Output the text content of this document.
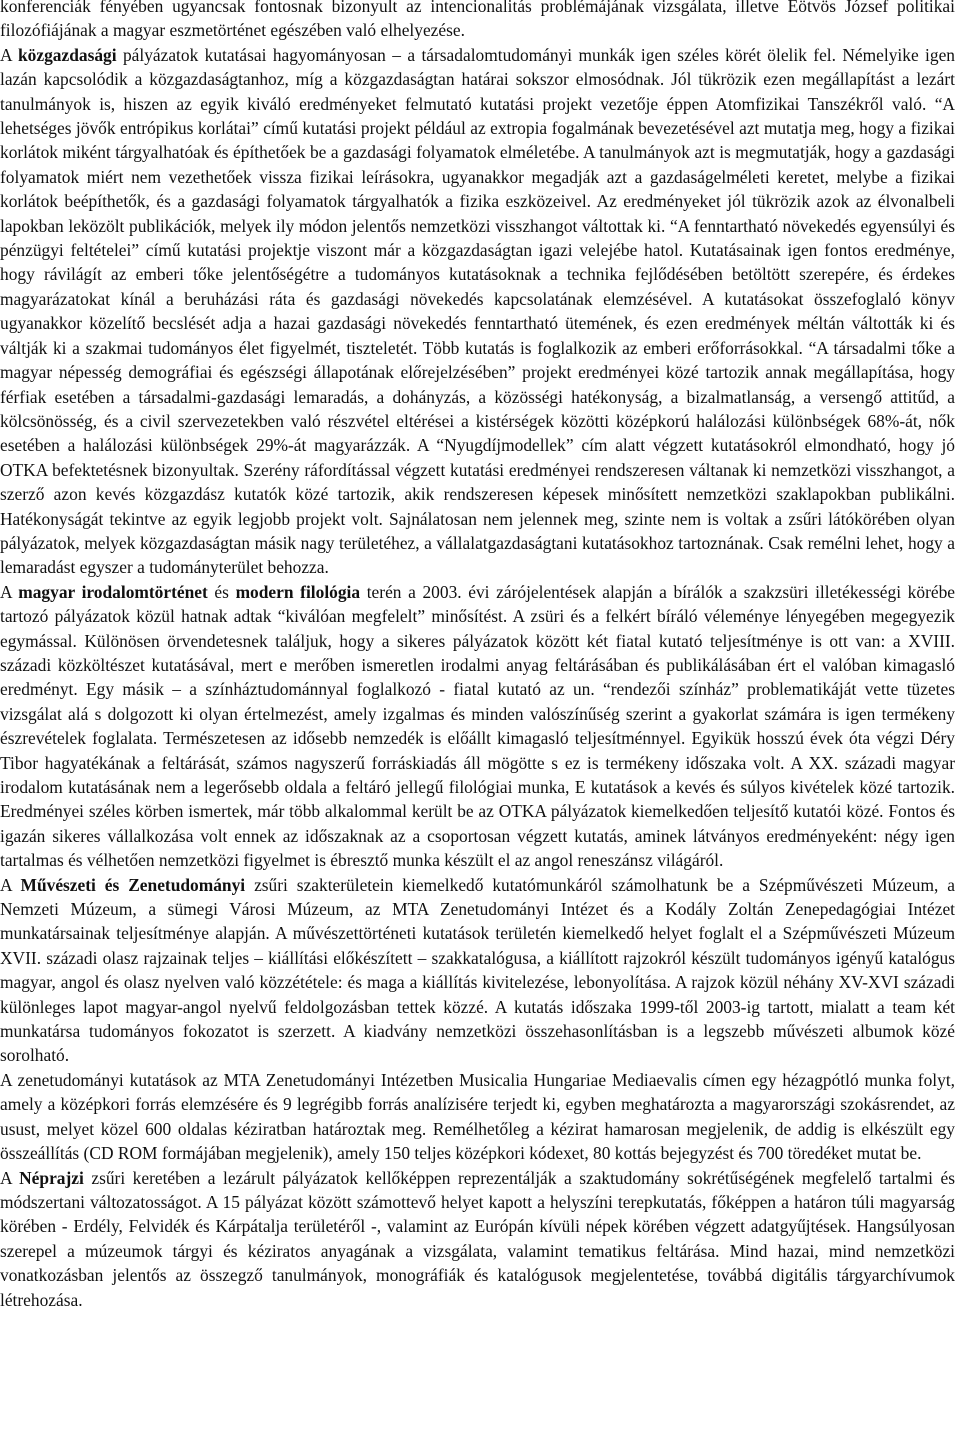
konferenciák fényében ugyancsak fontosnak bizonyult az intencionalitás problémájának vizsgálata, illetve Eötvös József politikai filozófiájának a magyar eszmetörténet egészében való elhelyezése.

A közgazdasági pályázatok kutatásai hagyományosan – a társadalomtudományi munkák igen széles körét ölelik fel. Némelyike igen lazán kapcsolódik a közgazdaságtanhoz, míg a közgazdaságtan határai sokszor elmosódnak. Jól tükrözik ezen megállapítást a lezárt tanulmányok is, hiszen az egyik kiváló eredményeket felmutató kutatási projekt vezetője éppen Atomfizikai Tanszékről való. “A lehetséges jövők entrópikus korlátai” című kutatási projekt például az extropia fogalmának bevezetésével azt mutatja meg, hogy a fizikai korlátok miként tárgyalhatóak és építhetőek be a gazdasági folyamatok elméletébe. A tanulmányok azt is megmutatják, hogy a gazdasági folyamatok miért nem vezethetőek vissza fizikai leírásokra, ugyanakkor megadják azt a gazdaságelméleti keretet, melybe a fizikai korlátok beépíthetők, és a gazdasági folyamatok tárgyalhatók a fizika eszközeivel. Az eredményeket jól tükrözik azok az élvonalbeli lapokban leközölt publikációk, melyek ily módon jelentős nemzetközi visszhangot váltottak ki. “A fenntartható növekedés egyensúlyi és pénzügyi feltételei” című kutatási projektje viszont már a közgazdaságtan igazi velejébe hatol. Kutatásainak igen fontos eredménye, hogy rávilágít az emberi tőke jelentőségétre a tudományos kutatásoknak a technika fejlődésében betöltött szerepére, és érdekes magyarázatokat kínál a beruházási ráta és gazdasági növekedés kapcsolatának elemzésével. A kutatásokat összefoglaló könyv ugyanakkor közelítő becslését adja a hazai gazdasági növekedés fenntartható ütemének, és ezen eredmények méltán váltották ki és váltják ki a szakmai tudományos élet figyelmét, tiszteletét. Több kutatás is foglalkozik az emberi erőforrásokkal. “A társadalmi tőke a magyar népesség demográfiai és egészségi állapotának előrejelzésében” projekt eredményei közé tartozik annak megállapítása, hogy férfiak esetében a társadalmi-gazdasági lemaradás, a dohányzás, a közösségi hatékonyság, a bizalmatlanság, a versengő attitűd, a kölcsönösség, és a civil szervezetekben való részvétel eltérései a kistérségek közötti középkorú halálozási különbségek 68%-át, nők esetében a halálozási különbségek 29%-át magyarázzák. A “Nyugdíjmodellek” cím alatt végzett kutatásokról elmondható, hogy jó OTKA befektetésnek bizonyultak. Szerény ráfordítással végzett kutatási eredményei rendszeresen váltanak ki nemzetközi visszhangot, a szerző azon kevés közgazdász kutatók közé tartozik, akik rendszeresen képesek minősített nemzetközi szaklapokban publikálni. Hatékonyságát tekintve az egyik legjobb projekt volt. Sajnálatosan nem jelennek meg, szinte nem is voltak a zsűri látókörében olyan pályázatok, melyek közgazdaságtan másik nagy területéhez, a vállalatgazdaságtani kutatásokhoz tartoznának. Csak remélni lehet, hogy a lemaradást egyszer a tudományterület behozza.

A magyar irodalomtörténet és modern filológia terén a 2003. évi zárójelentések alapján a bírálók a szakzsüri illetékességi körébe tartozó pályázatok közül hatnak adtak “kiválóan megfelelt” minősítést. A zsüri és a felkért bíráló véleménye lényegében megegyezik egymással. Különösen örvendetesnek találjuk, hogy a sikeres pályázatok között két fiatal kutató teljesítménye is ott van: a XVIII. századi közköltészet kutatásával, mert e merőben ismeretlen irodalmi anyag feltárásában és publikálásában ért el valóban kimagasló eredményt. Egy másik – a színháztudománnyal foglalkozó - fiatal kutató az un. “rendezői színház” problematikáját vette tüzetes vizsgálat alá s dolgozott ki olyan értelmezést, amely izgalmas és minden valószínűség szerint a gyakorlat számára is igen termékeny észrevételek foglalata. Természetesen az idősebb nemzedék is előállt kimagasló teljesítménnyel. Egyikük hosszú évek óta végzi Déry Tibor hagyatékának a feltárását, számos nagyszerű forráskiadás áll mögötte s ez is termékeny időszaka volt. A XX. századi magyar irodalom kutatásának nem a legerősebb oldala a feltáró jellegű filológiai munka, E kutatások a kevés és súlyos kivételek közé tartozik. Eredményei széles körben ismertek, már több alkalommal került be az OTKA pályázatok kiemelkedően teljesítő kutatói közé. Fontos és igazán sikeres vállalkozása volt ennek az időszaknak az a csoportosan végzett kutatás, aminek látványos eredményeként: négy igen tartalmas és vélhetően nemzetközi figyelmet is ébresztő munka készült el az angol reneszánsz világáról.

A Művészeti és Zenetudományi zsűri szakterületein kiemelkedő kutatómunkáról számolhatunk be a Szépművészeti Múzeum, a Nemzeti Múzeum, a sümegi Városi Múzeum, az MTA Zenetudományi Intézet és a Kodály Zoltán Zenepedagógiai Intézet munkatársainak teljesítménye alapján. A művészettörténeti kutatások területén kiemelkedő helyet foglalt el a Szépművészeti Múzeum XVII. századi olasz rajzainak teljes – kiállítási előkészített – szakkatalógusa, a kiállított rajzokról készült tudományos igényű katalógus magyar, angol és olasz nyelven való közzététele: és maga a kiállítás kivitelezése, lebonyolítása. A rajzok közül néhány XV-XVI századi különleges lapot magyar-angol nyelvű feldolgozásban tettek közzé. A kutatás időszaka 1999-től 2003-ig tartott, mialatt a team két munkatársa tudományos fokozatot is szerzett. A kiadvány nemzetközi összehasonlításban is a legszebb művészeti albumok közé sorolható.

A zenetudományi kutatások az MTA Zenetudományi Intézetben Musicalia Hungariae Mediaevalis címen egy hézagpótló munka folyt, amely a középkori forrás elemzésére és 9 legrégibb forrás analízisére terjedt ki, egyben meghatározta a magyarországi szokásrendet, az usust, melyet közel 600 oldalas kéziratban határoztak meg. Remélhetőleg a kézirat hamarosan megjelenik, de addig is elkészült egy összeállítás (CD ROM formájában megjelenik), amely 150 teljes középkori kódexet, 80 kottás bejegyzést és 700 töredéket mutat be.

A Néprajzi zsűri keretében a lezárult pályázatok kellőképpen reprezentálják a szaktudomány sokrétűségének megfelelő tartalmi és módszertani változatosságot. A 15 pályázat között számottevő helyet kapott a helyszíni terepkutatás, főképpen a határon túli magyarság körében - Erdély, Felvidék és Kárpátalja területéről -, valamint az Európán kívüli népek körében végzett adatgyűjtések. Hangsúlyosan szerepel a múzeumok tárgyi és kéziratos anyagának a vizsgálata, valamint tematikus feltárása. Mind hazai, mind nemzetközi vonatkozásban jelentős az összegző tanulmányok, monográfiák és katalógusok megjelentetése, továbbá digitális tárgyarchívumok létrehozása.
